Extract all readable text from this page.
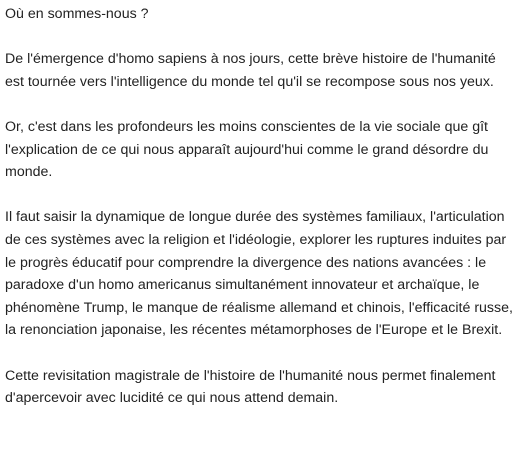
Où en sommes-nous ?

De l'émergence d'homo sapiens à nos jours, cette brève histoire de l'humanité est tournée vers l'intelligence du monde tel qu'il se recompose sous nos yeux.

Or, c'est dans les profondeurs les moins conscientes de la vie sociale que gît l'explication de ce qui nous apparaît aujourd'hui comme le grand désordre du monde.

Il faut saisir la dynamique de longue durée des systèmes familiaux, l'articulation de ces systèmes avec la religion et l'idéologie, explorer les ruptures induites par le progrès éducatif pour comprendre la divergence des nations avancées : le paradoxe d'un homo americanus simultanément innovateur et archaïque, le phénomène Trump, le manque de réalisme allemand et chinois, l'efficacité russe, la renonciation japonaise, les récentes métamorphoses de l'Europe et le Brexit.

Cette revisitation magistrale de l'histoire de l'humanité nous permet finalement d'apercevoir avec lucidité ce qui nous attend demain.
